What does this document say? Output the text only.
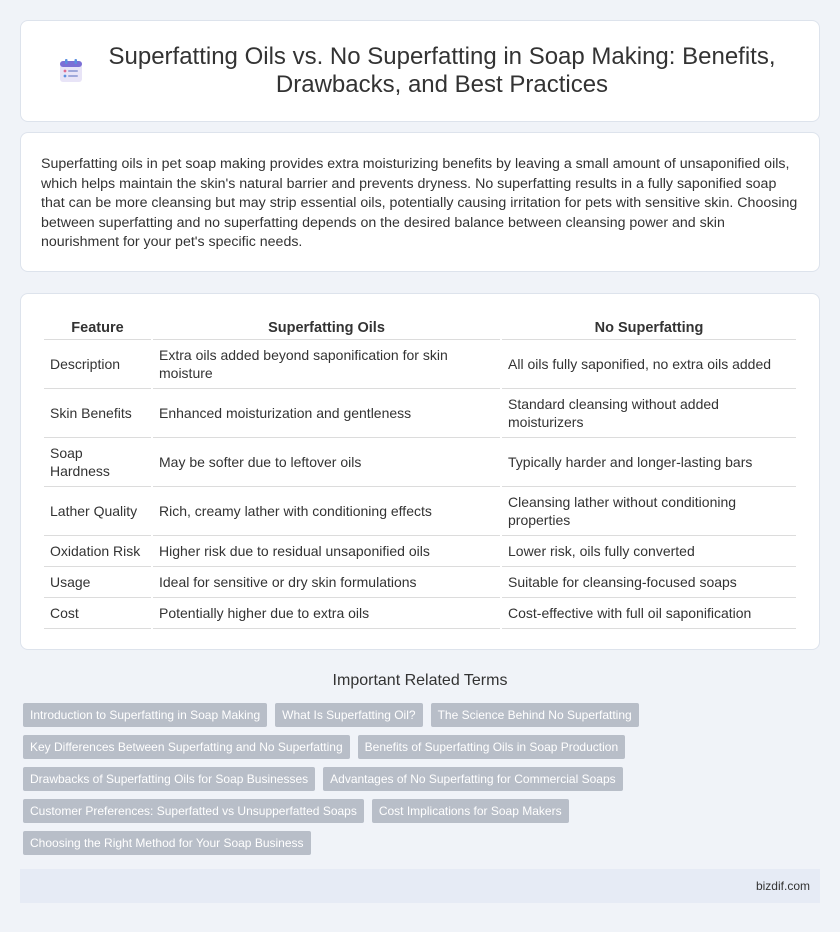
Superfatting Oils vs. No Superfatting in Soap Making: Benefits, Drawbacks, and Best Practices

Superfatting oils in pet soap making provides extra moisturizing benefits by leaving a small amount of unsaponified oils, which helps maintain the skin's natural barrier and prevents dryness. No superfatting results in a fully saponified soap that can be more cleansing but may strip essential oils, potentially causing irritation for pets with sensitive skin. Choosing between superfatting and no superfatting depends on the desired balance between cleansing power and skin nourishment for your pet's specific needs.

Feature	Superfatting Oils	No Superfatting
Description	Extra oils added beyond saponification for skin moisture	All oils fully saponified, no extra oils added
Skin Benefits	Enhanced moisturization and gentleness	Standard cleansing without added moisturizers
Soap Hardness	May be softer due to leftover oils	Typically harder and longer-lasting bars
Lather Quality	Rich, creamy lather with conditioning effects	Cleansing lather without conditioning properties
Oxidation Risk	Higher risk due to residual unsaponified oils	Lower risk, oils fully converted
Usage	Ideal for sensitive or dry skin formulations	Suitable for cleansing-focused soaps
Cost	Potentially higher due to extra oils	Cost-effective with full oil saponification
Important Related Terms
Introduction to Superfatting in Soap Making	What Is Superfatting Oil?	The Science Behind No Superfatting
Key Differences Between Superfatting and No Superfatting	Benefits of Superfatting Oils in Soap Production
Drawbacks of Superfatting Oils for Soap Businesses	Advantages of No Superfatting for Commercial Soaps
Customer Preferences: Superfatted vs Unsupperfatted Soaps	Cost Implications for Soap Makers
Choosing the Right Method for Your Soap Business
bizdif.com
